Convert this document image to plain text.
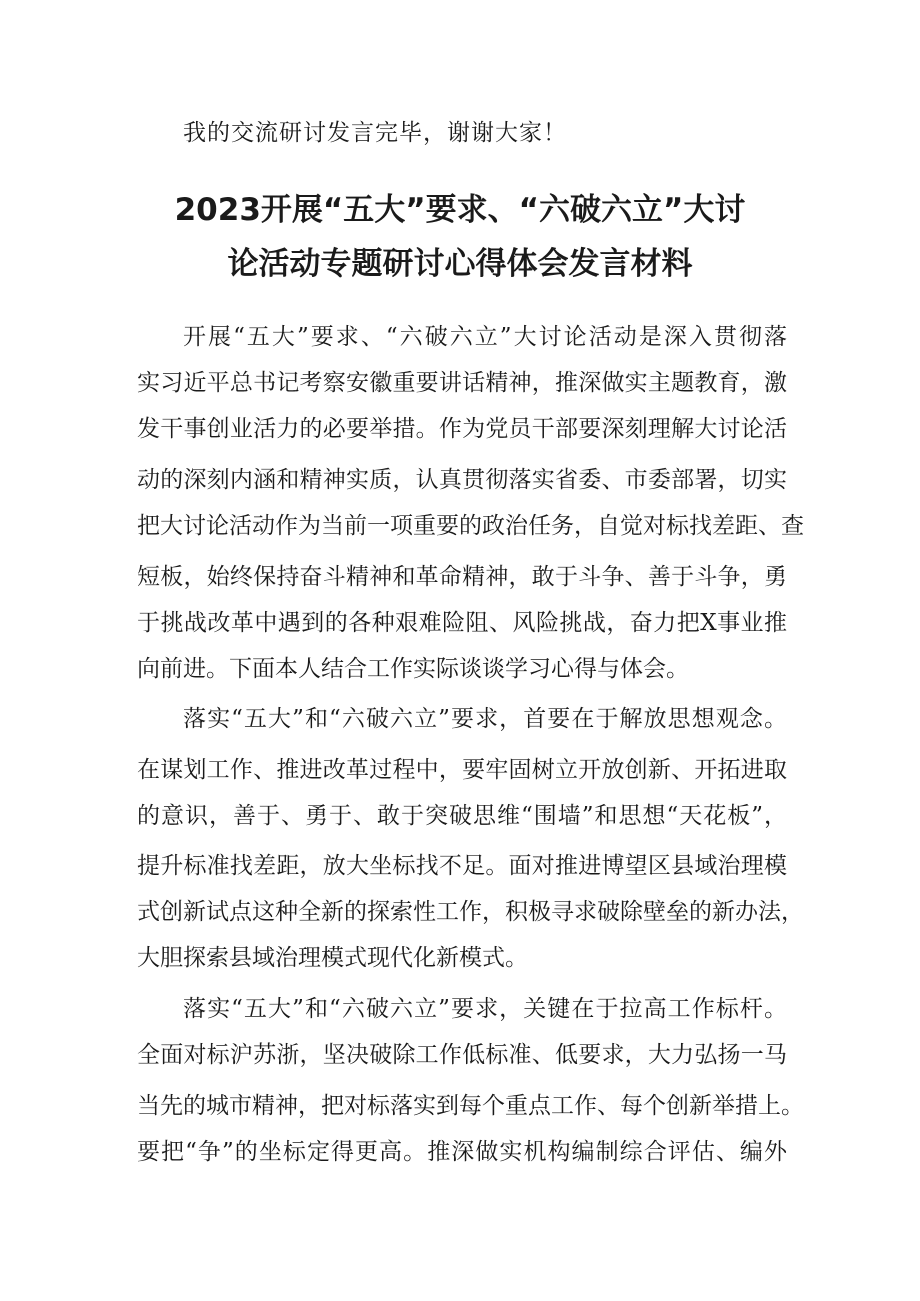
我的交流研讨发言完毕，谢谢大家！
2023开展“五大”要求、“六破六立”大讨
论活动专题研讨心得体会发言材料
开展“五大”要求、“六破六立”大讨论活动是深入贯彻落
实习近平总书记考察安徽重要讲话精神，推深做实主题教育，激
发干事创业活力的必要举措。作为党员干部要深刻理解大讨论活
动的深刻内涵和精神实质，认真贯彻落实省委、市委部署，切实
把大讨论活动作为当前一项重要的政治任务，自觉对标找差距、查
短板，始终保持奋斗精神和革命精神，敢于斗争、善于斗争，勇
于挑战改革中遇到的各种艰难险阻、风险挑战，奋力把X事业推
向前进。下面本人结合工作实际谈谈学习心得与体会。
落实“五大”和“六破六立”要求，首要在于解放思想观念。
在谋划工作、推进改革过程中，要牢固树立开放创新、开拓进取
的意识，善于、勇于、敢于突破思维“围墙”和思想“天花板”，
提升标准找差距，放大坐标找不足。面对推进博望区县域治理模
式创新试点这种全新的探索性工作，积极寻求破除壁垒的新办法，
大胆探索县域治理模式现代化新模式。
落实“五大”和“六破六立”要求，关键在于拉高工作标杆。
全面对标沪苏浙，坚决破除工作低标准、低要求，大力弘扬一马
当先的城市精神，把对标落实到每个重点工作、每个创新举措上。
要把“争”的坐标定得更高。推深做实机构编制综合评估、编外
